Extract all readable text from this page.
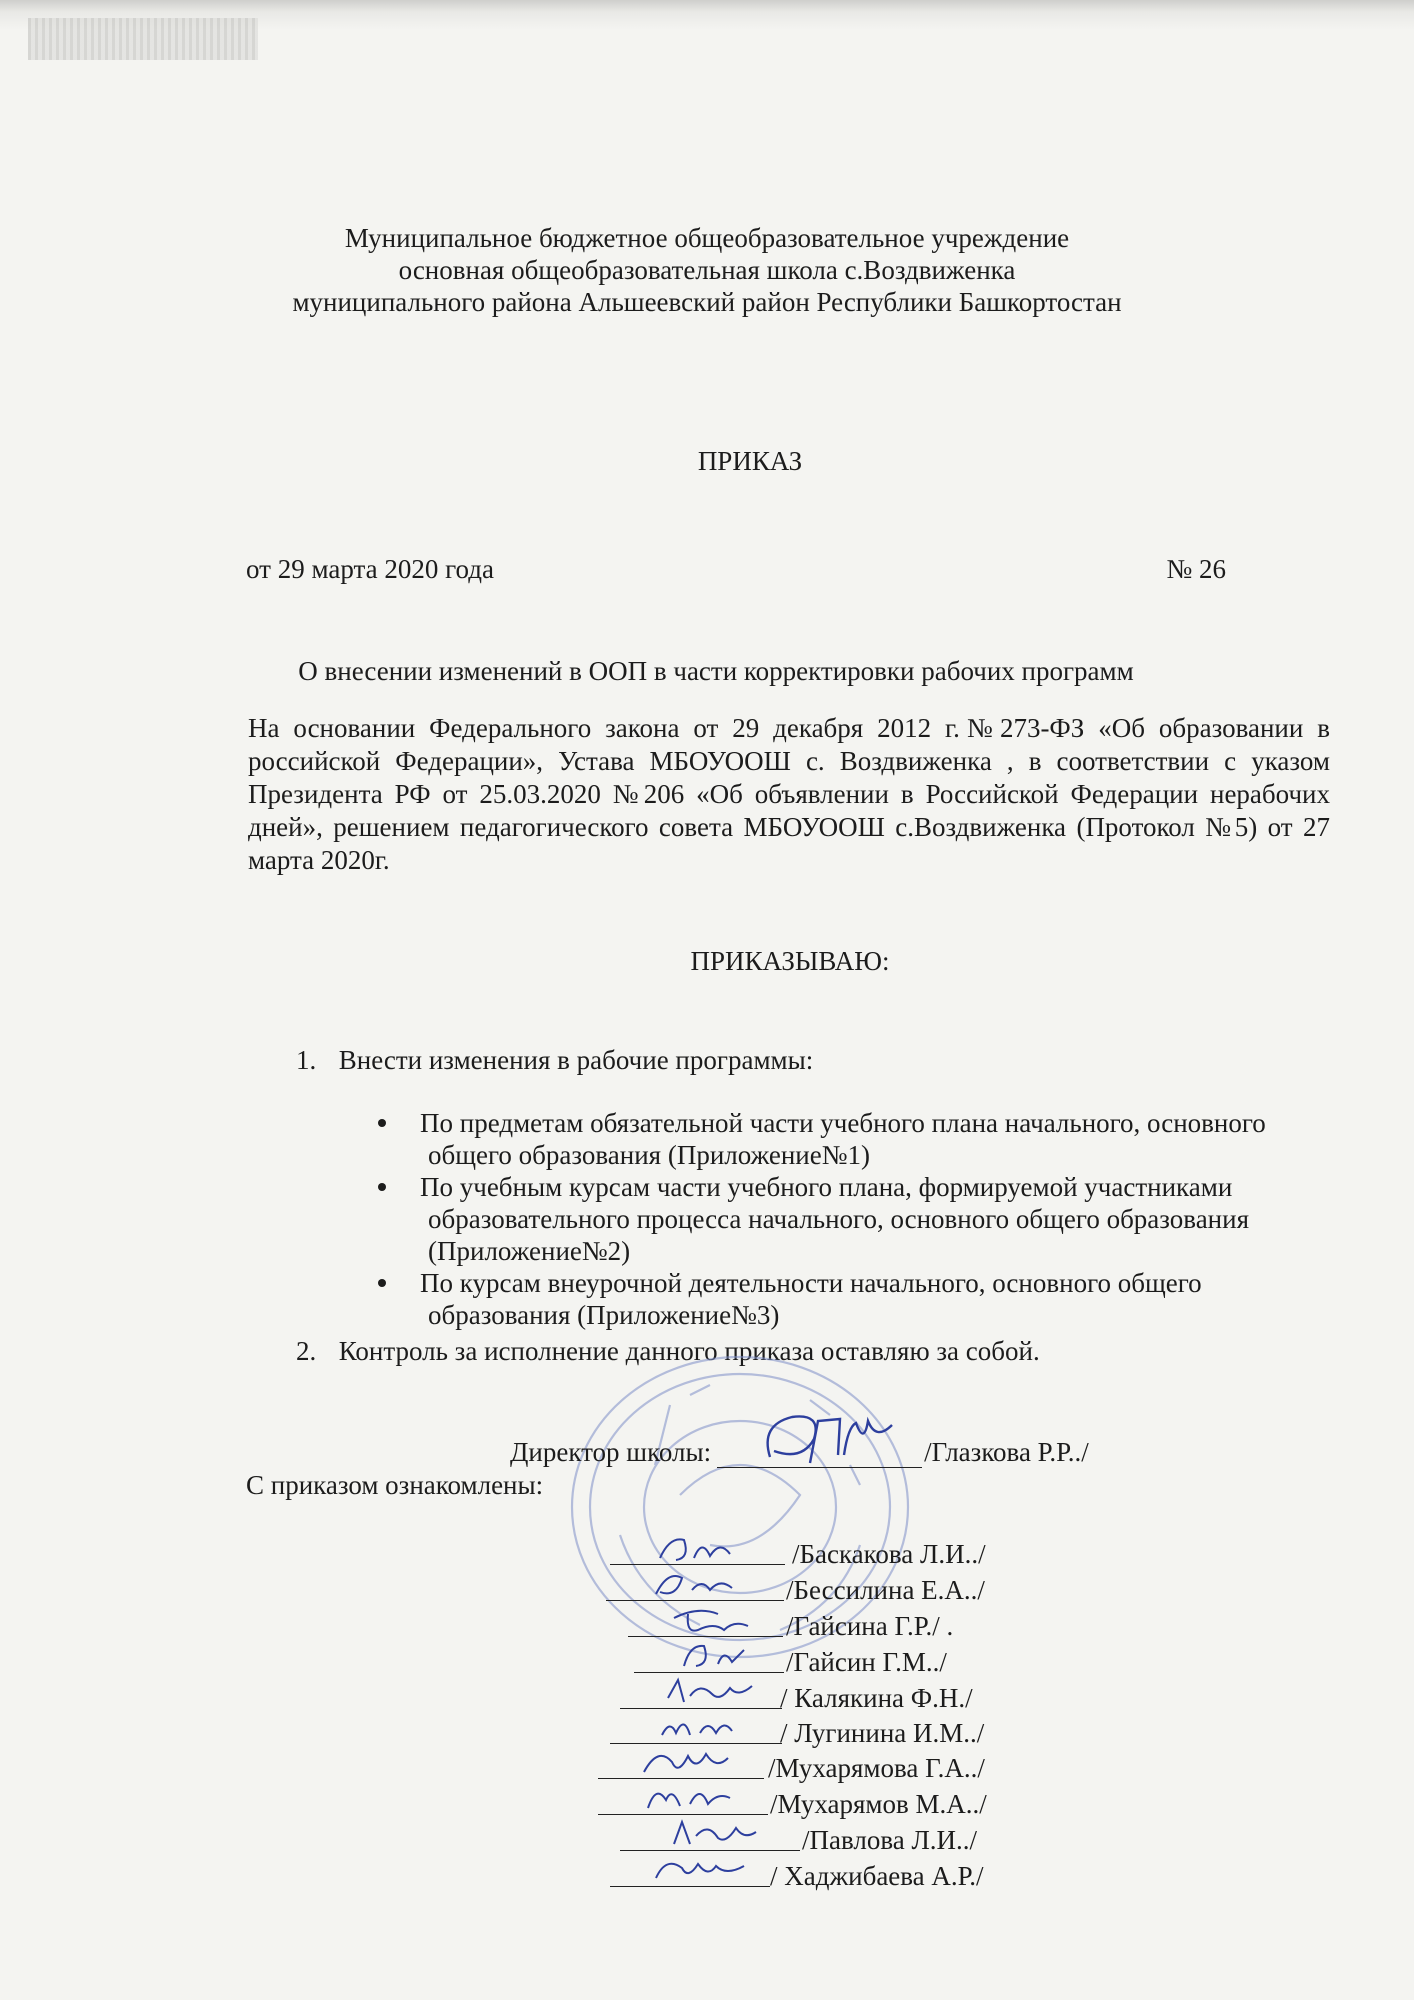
Муниципальное бюджетное общеобразовательное учреждение
основная общеобразовательная школа с.Воздвиженка
муниципального района Альшеевский район Республики Башкортостан
ПРИКАЗ
от 29 марта 2020 года	№ 26
О внесении изменений в ООП в части корректировки рабочих программ
На основании Федерального закона от 29 декабря 2012 г.№273-ФЗ «Об образовании в российской Федерации», Устава МБОУООШ с. Воздвиженка , в соответствии с указом Президента РФ от 25.03.2020 №206 «Об объявлении в Российской Федерации нерабочих дней», решением педагогического совета МБОУООШ с.Воздвиженка (Протокол №5) от 27 марта 2020г.
ПРИКАЗЫВАЮ:
1. Внести изменения в рабочие программы:
По предметам обязательной части учебного плана начального, основного
общего образования (Приложение№1)
По учебным курсам части учебного плана, формируемой участниками
образовательного процесса начального, основного общего образования
(Приложение№2)
По курсам внеурочной деятельности начального, основного общего
образования (Приложение№3)
2. Контроль за исполнение данного приказа оставляю за собой.
Директор школы:	/Глазкова Р.Р../
С приказом ознакомлены:
/Баскакова Л.И../
/Бессилина Е.А../
/Гайсина Г.Р./ .
/Гайсин Г.М../
/ Калякина Ф.Н./
/ Лугинина И.М../
/Мухарямова Г.А../
/Мухарямов М.А../
/Павлова Л.И../
/ Хаджибаева А.Р./
